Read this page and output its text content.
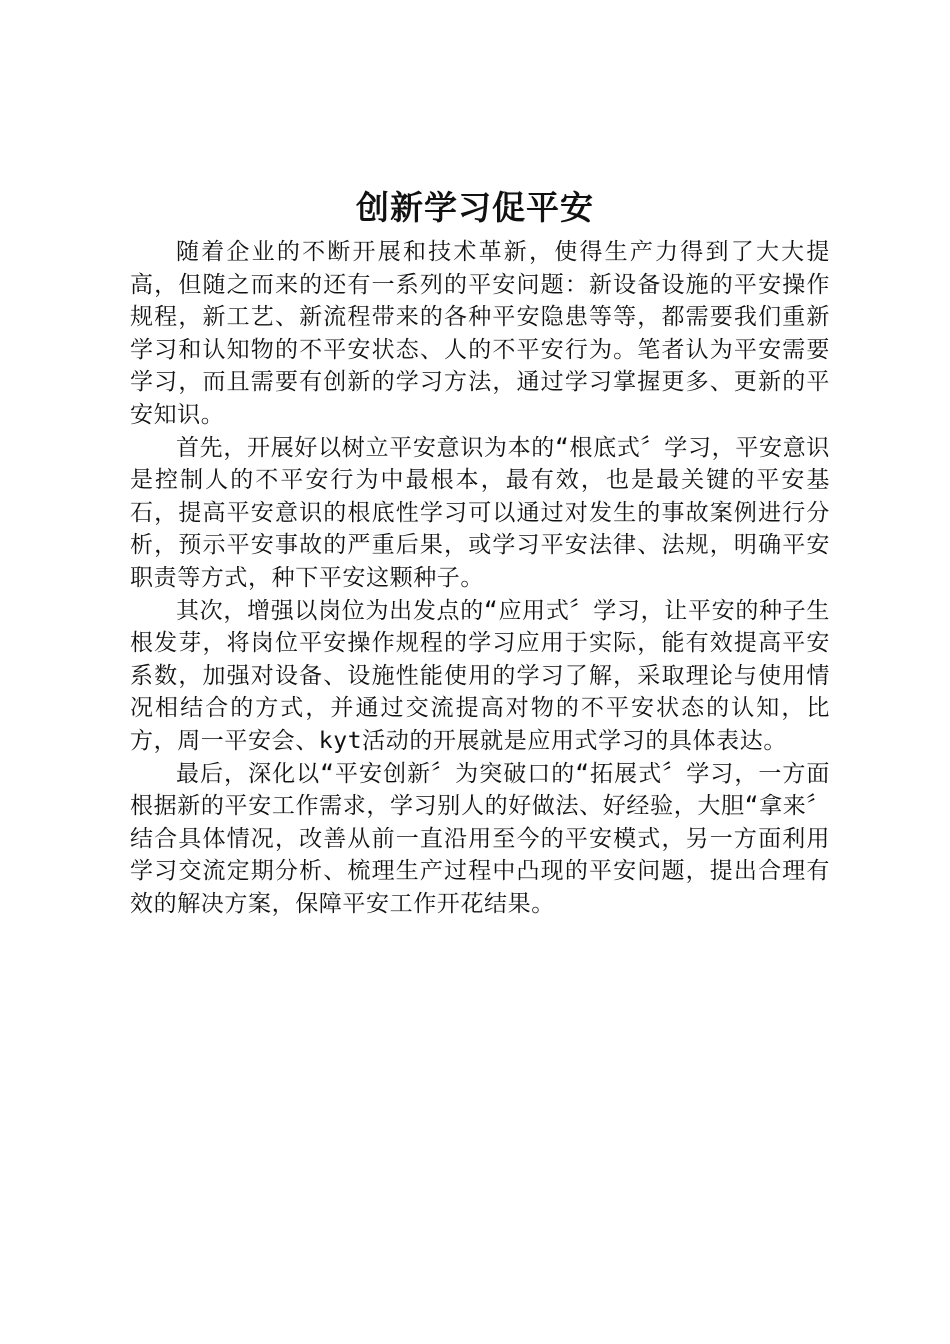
创新学习促平安

随着企业的不断开展和技术革新，使得生产力得到了大大提高，但随之而来的还有一系列的平安问题：新设备设施的平安操作规程，新工艺、新流程带来的各种平安隐患等等，都需要我们重新学习和认知物的不平安状态、人的不平安行为。笔者认为平安需要学习，而且需要有创新的学习方法，通过学习掌握更多、更新的平安知识。

首先，开展好以树立平安意识为本的“根底式〞学习，平安意识是控制人的不平安行为中最根本，最有效，也是最关键的平安基石，提高平安意识的根底性学习可以通过对发生的事故案例进行分析，预示平安事故的严重后果，或学习平安法律、法规，明确平安职责等方式，种下平安这颗种子。

其次，增强以岗位为出发点的“应用式〞学习，让平安的种子生根发芽，将岗位平安操作规程的学习应用于实际，能有效提高平安系数，加强对设备、设施性能使用的学习了解，采取理论与使用情况相结合的方式，并通过交流提高对物的不平安状态的认知，比方，周一平安会、kyt活动的开展就是应用式学习的具体表达。

最后，深化以“平安创新〞为突破口的“拓展式〞学习，一方面根据新的平安工作需求，学习别人的好做法、好经验，大胆“拿来〞结合具体情况，改善从前一直沿用至今的平安模式，另一方面利用学习交流定期分析、梳理生产过程中凸现的平安问题，提出合理有效的解决方案，保障平安工作开花结果。
